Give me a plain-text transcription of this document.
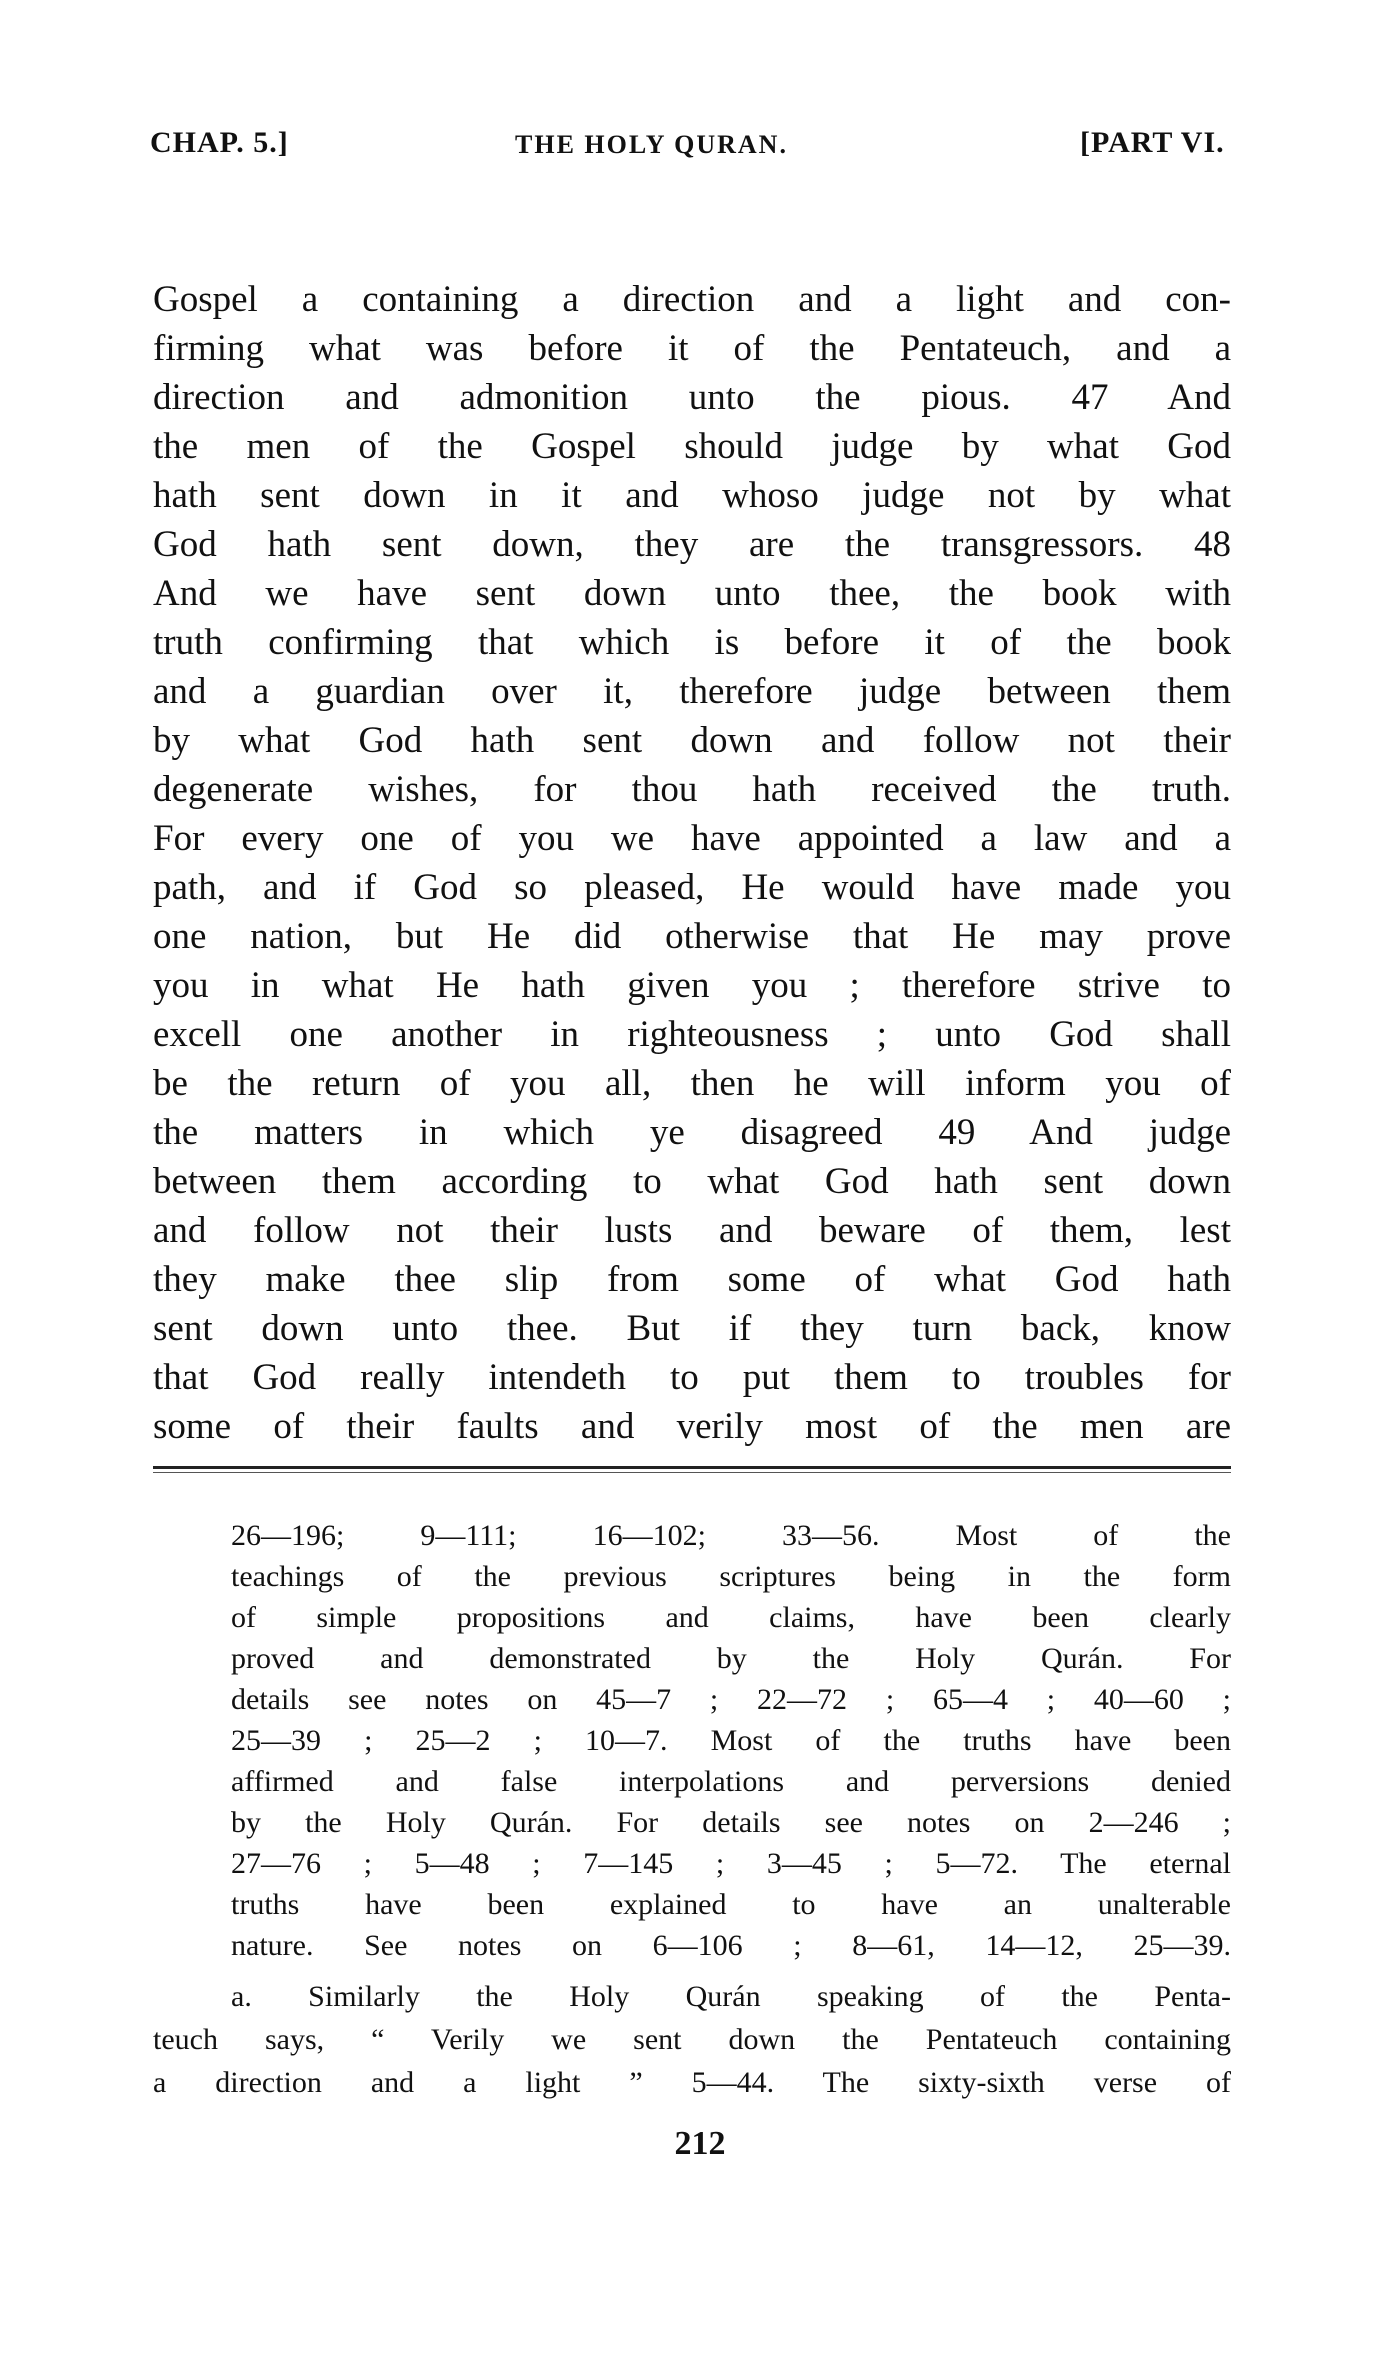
CHAP. 5.]	THE HOLY QURAN.	[PART VI.
Gospel a containing a direction and a light and con-
firming what was before it of the Pentateuch, and a
direction and admonition unto the pious. 47 And
the men of the Gospel should judge by what God
hath sent down in it and whoso judge not by what
God hath sent down, they are the transgressors. 48
And we have sent down unto thee, the book with
truth confirming that which is before it of the book
and a guardian over it, therefore judge between them
by what God hath sent down and follow not their
degenerate wishes, for thou hath received the truth.
For every one of you we have appointed a law and a
path, and if God so pleased, He would have made you
one nation, but He did otherwise that He may prove
you in what He hath given you ; therefore strive to
excell one another in righteousness ; unto God shall
be the return of you all, then he will inform you of
the matters in which ye disagreed 49 And judge
between them according to what God hath sent down
and follow not their lusts and beware of them, lest
they make thee slip from some of what God hath
sent down unto thee. But if they turn back, know
that God really intendeth to put them to troubles for
some of their faults and verily most of the men are
26—196; 9—111; 16—102; 33—56. Most of the
teachings of the previous scriptures being in the form
of simple propositions and claims, have been clearly
proved and demonstrated by the Holy Qurán. For
details see notes on 45—7 ; 22—72 ; 65—4 ; 40—60 ;
25—39 ; 25—2 ; 10—7. Most of the truths have been
affirmed and false interpolations and perversions denied
by the Holy Qurán. For details see notes on 2—246 ;
27—76 ; 5—48 ; 7—145 ; 3—45 ; 5—72. The eternal
truths have been explained to have an unalterable
nature. See notes on 6—106 ; 8—61, 14—12, 25—39.
a. Similarly the Holy Qurán speaking of the Penta-
teuch says, “ Verily we sent down the Pentateuch containing
a direction and a light ” 5—44. The sixty-sixth verse of
212
